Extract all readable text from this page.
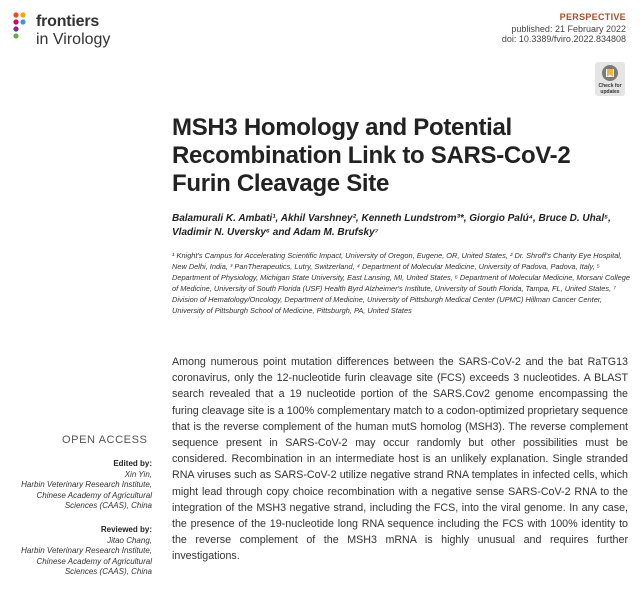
frontiers
in Virology
PERSPECTIVE
published: 21 February 2022
doi: 10.3389/fviro.2022.834808
Check for
updates
MSH3 Homology and Potential Recombination Link to SARS-CoV-2 Furin Cleavage Site
Balamurali K. Ambati¹, Akhil Varshney², Kenneth Lundstrom³*, Giorgio Palú⁴, Bruce D. Uhal⁵, Vladimir N. Uversky⁶ and Adam M. Brufsky⁷
¹ Knight's Campus for Accelerating Scientific Impact, University of Oregon, Eugene, OR, United States, ² Dr. Shroff's Charity Eye Hospital, New Delhi, India, ³ PanTherapeutics, Lutry, Switzerland, ⁴ Department of Molecular Medicine, University of Padova, Padova, Italy, ⁵ Department of Physiology, Michigan State University, East Lansing, MI, United States, ⁶ Department of Molecular Medicine, Morsani College of Medicine, University of South Florida (USF) Health Byrd Alzheimer's Institute, University of South Florida, Tampa, FL, United States, ⁷ Division of Hematology/Oncology, Department of Medicine, University of Pittsburgh Medical Center (UPMC) Hillman Cancer Center, University of Pittsburgh School of Medicine, Pittsburgh, PA, United States
OPEN ACCESS
Edited by:
Xin Yin,
Harbin Veterinary Research Institute,
Chinese Academy of Agricultural
Sciences (CAAS), China
Reviewed by:
Jitao Chang,
Harbin Veterinary Research Institute,
Chinese Academy of Agricultural
Sciences (CAAS), China

Among numerous point mutation differences between the SARS-CoV-2 and the bat RaTG13 coronavirus, only the 12-nucleotide furin cleavage site (FCS) exceeds 3 nucleotides. A BLAST search revealed that a 19 nucleotide portion of the SARS.Cov2 genome encompassing the furing cleavage site is a 100% complementary match to a codon-optimized proprietary sequence that is the reverse complement of the human mutS homolog (MSH3). The reverse complement sequence present in SARS-CoV-2 may occur randomly but other possibilities must be considered. Recombination in an intermediate host is an unlikely explanation. Single stranded RNA viruses such as SARS-CoV-2 utilize negative strand RNA templates in infected cells, which might lead through copy choice recombination with a negative sense SARS-CoV-2 RNA to the integration of the MSH3 negative strand, including the FCS, into the viral genome. In any case, the presence of the 19-nucleotide long RNA sequence including the FCS with 100% identity to the reverse complement of the MSH3 mRNA is highly unusual and requires further investigations.
